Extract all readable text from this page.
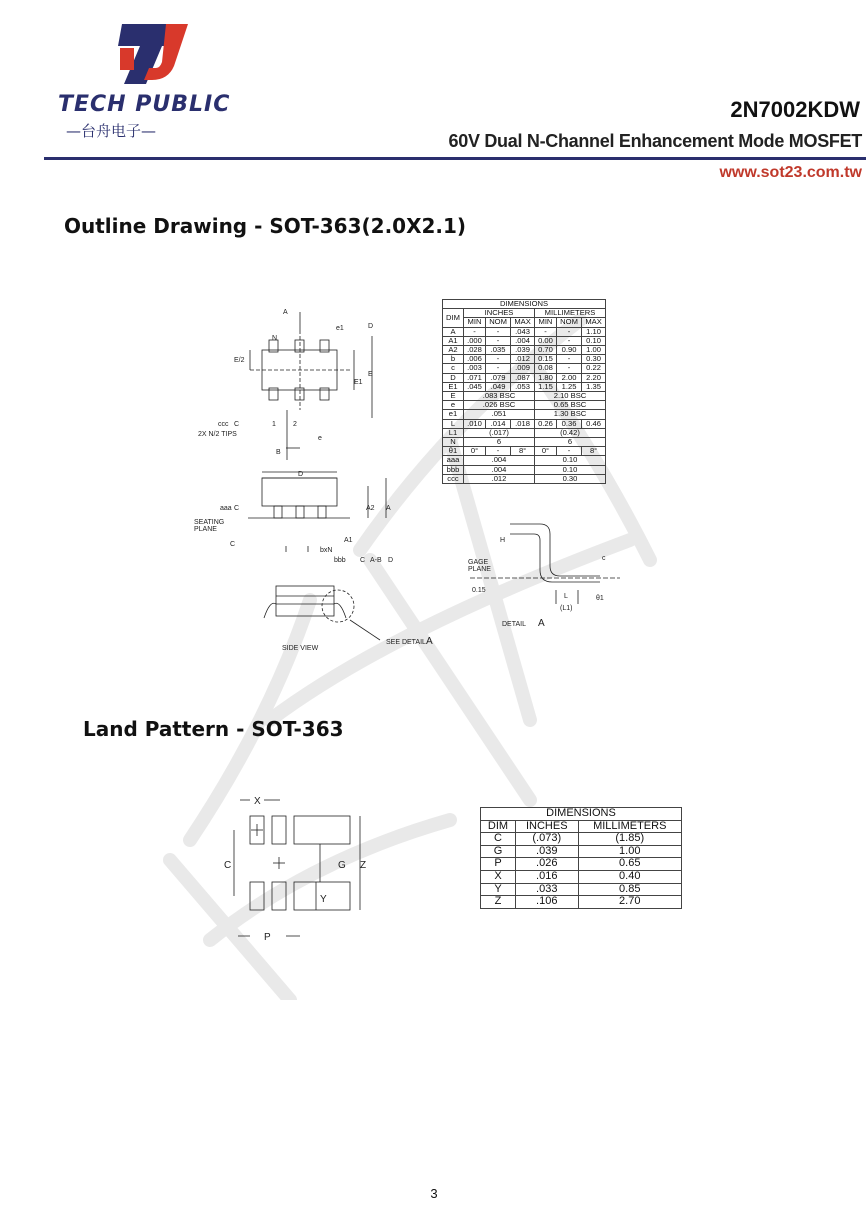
TECH PUBLIC
—台舟电子—
2N7002KDW
60V Dual N-Channel Enhancement Mode MOSFET
www.sot23.com.tw
Outline Drawing - SOT-363(2.0X2.1)
A
D
N
e1
E/2
E1
E
1 2
e
ccc C
2X N/2 TIPS
B
D
aaa C
SEATING
PLANE
C
A2 A
A1
bxN
bbb C A-B D
SEE DETAIL A
SIDE VIEW
H
GAGE
PLANE
0.15
L
(L1)
c
θ1
DETAIL A
DIMENSIONS						
DIM	INCHES			MILLIMETERS		
	MIN	NOM	MAX	MIN	NOM	MAX
A	-	-	.043	-	-	1.10
A1	.000	-	.004	0.00	-	0.10
A2	.028	.035	.039	0.70	0.90	1.00
b	.006	-	.012	0.15	-	0.30
c	.003	-	.009	0.08	-	0.22
D	.071	.079	.087	1.80	2.00	2.20
E1	.045	.049	.053	1.15	1.25	1.35
E	.083 BSC			2.10 BSC		
e	.026 BSC			0.65 BSC		
e1	.051			1.30 BSC		
L	.010	.014	.018	0.26	0.36	0.46
L1	(.017)			(0.42)		
N	6			6		
θ1	0°	-	8°	0°	-	8°
aaa	.004			0.10		
bbb	.004			0.10		
ccc	.012			0.30		
Land Pattern - SOT-363
X
C	G Z
Y
P
DIMENSIONS		
DIM	INCHES	MILLIMETERS
C	(.073)	(1.85)
G	.039	1.00
P	.026	0.65
X	.016	0.40
Y	.033	0.85
Z	.106	2.70
3
